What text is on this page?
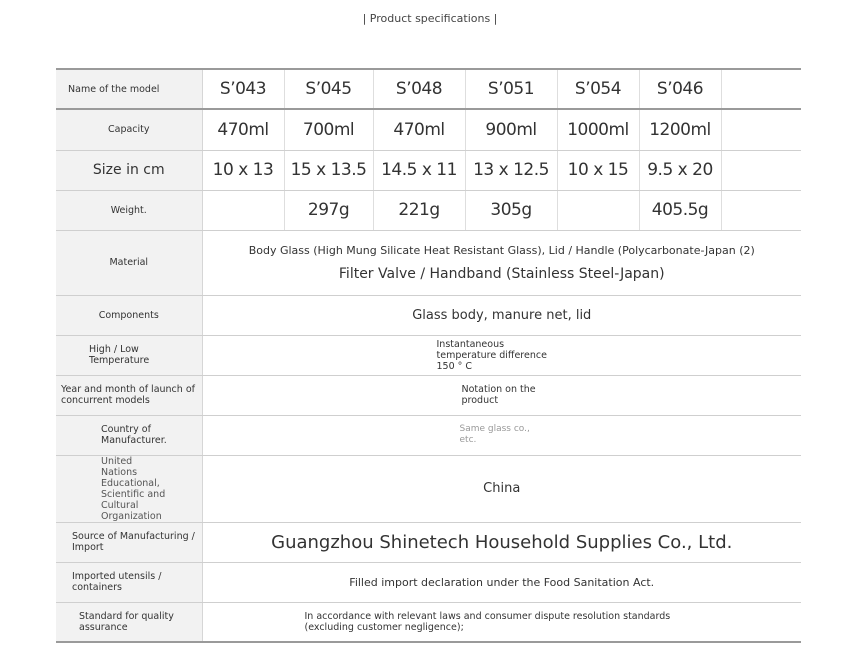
| Product specifications |
Name of the model	S’043	S’045	S’048	S’051	S’054	S’046	

Capacity	470ml	700ml	470ml	900ml	1000ml	1200ml	

Size in cm	10 x 13	15 x 13.5	14.5 x 11	13 x 12.5	10 x 15	9.5 x 20	

Weight.		297g	221g	305g		405.5g	

Material	Body Glass (High Mung Silicate Heat Resistant Glass), Lid / Handle (Polycarbonate-Japan (2)
Filter Valve / Handband (Stainless Steel-Japan)						

Components	Glass body, manure net, lid						

High / Low Temperature	Instantaneous temperature difference 150 ° C						

Year and month of launch of concurrent models	Notation on the product						

Country of Manufacturer.	Same glass co., etc.						

United Nations Educational, Scientific and Cultural Organization	China						

Source of Manufacturing / Import	Guangzhou Shinetech Household Supplies Co., Ltd.						

Imported utensils / containers	Filled import declaration under the Food Sanitation Act.						

Standard for quality assurance	In accordance with relevant laws and consumer dispute resolution standards (excluding customer negligence);						
